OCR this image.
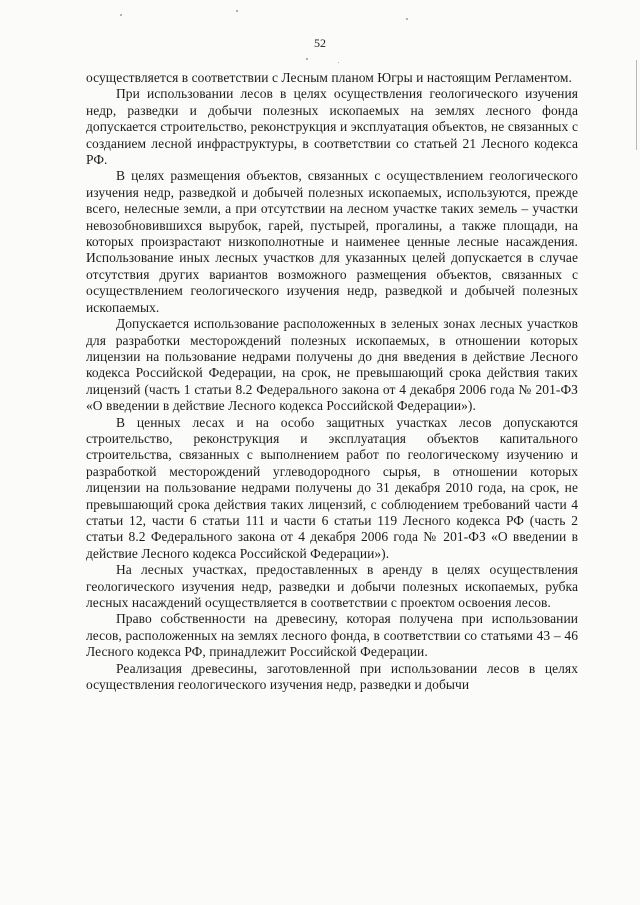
52

осуществляется в соответствии с Лесным планом Югры и настоящим Регламентом.

При использовании лесов в целях осуществления геологического изучения недр, разведки и добычи полезных ископаемых на землях лесного фонда допускается строительство, реконструкция и эксплуатация объектов, не связанных с созданием лесной инфраструктуры, в соответствии со статьей 21 Лесного кодекса РФ.

В целях размещения объектов, связанных с осуществлением геологического изучения недр, разведкой и добычей полезных ископаемых, используются, прежде всего, нелесные земли, а при отсутствии на лесном участке таких земель – участки невозобновившихся вырубок, гарей, пустырей, прогалины, а также площади, на которых произрастают низкополнотные и наименее ценные лесные насаждения. Использование иных лесных участков для указанных целей допускается в случае отсутствия других вариантов возможного размещения объектов, связанных с осуществлением геологического изучения недр, разведкой и добычей полезных ископаемых.

Допускается использование расположенных в зеленых зонах лесных участков для разработки месторождений полезных ископаемых, в отношении которых лицензии на пользование недрами получены до дня введения в действие Лесного кодекса Российской Федерации, на срок, не превышающий срока действия таких лицензий (часть 1 статьи 8.2 Федерального закона от 4 декабря 2006 года № 201-ФЗ «О введении в действие Лесного кодекса Российской Федерации»).

В ценных лесах и на особо защитных участках лесов допускаются строительство, реконструкция и эксплуатация объектов капитального строительства, связанных с выполнением работ по геологическому изучению и разработкой месторождений углеводородного сырья, в отношении которых лицензии на пользование недрами получены до 31 декабря 2010 года, на срок, не превышающий срока действия таких лицензий, с соблюдением требований части 4 статьи 12, части 6 статьи 111 и части 6 статьи 119 Лесного кодекса РФ (часть 2 статьи 8.2 Федерального закона от 4 декабря 2006 года № 201-ФЗ «О введении в действие Лесного кодекса Российской Федерации»).

На лесных участках, предоставленных в аренду в целях осуществления геологического изучения недр, разведки и добычи полезных ископаемых, рубка лесных насаждений осуществляется в соответствии с проектом освоения лесов.

Право собственности на древесину, которая получена при использовании лесов, расположенных на землях лесного фонда, в соответствии со статьями 43 – 46 Лесного кодекса РФ, принадлежит Российской Федерации.

Реализация древесины, заготовленной при использовании лесов в целях осуществления геологического изучения недр, разведки и добычи
